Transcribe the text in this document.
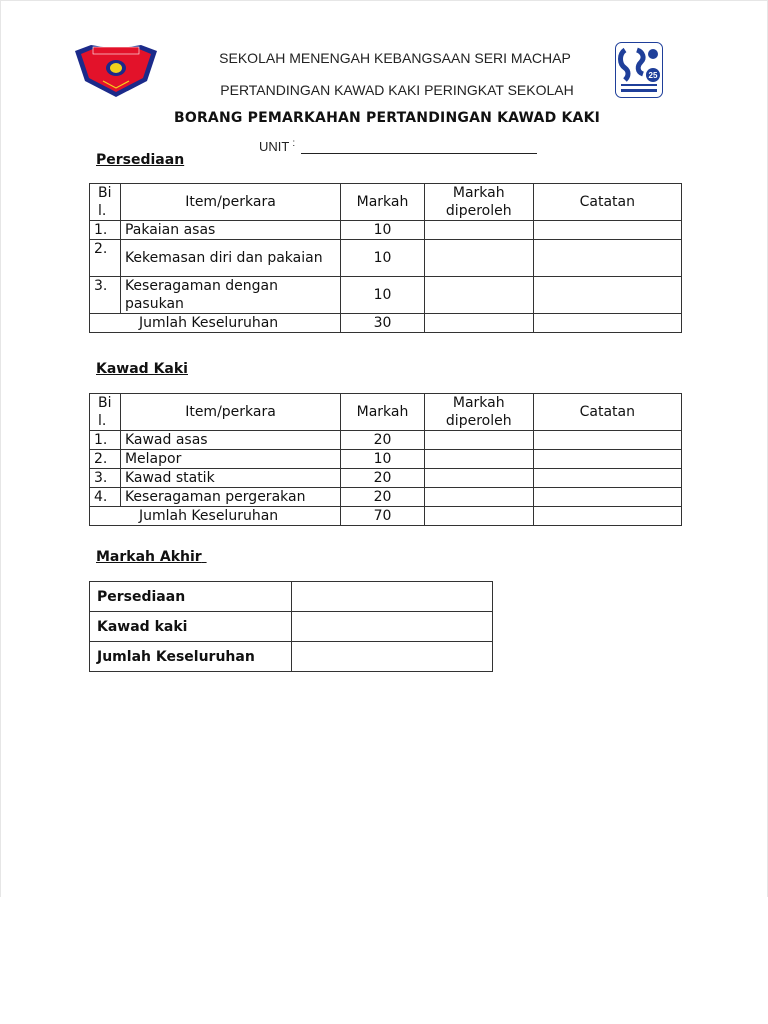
25
SEKOLAH MENENGAH KEBANGSAAN SERI MACHAP
PERTANDINGAN KAWAD KAKI PERINGKAT SEKOLAH
BORANG PEMARKAHAN PERTANDINGAN KAWAD KAKI
UNIT :
Persediaan
Bi l.	Item/perkara	Markah	Markah diperoleh	Catatan
1.	Pakaian asas	10		
2.	Kekemasan diri dan pakaian	10		
3.	Keseragaman dengan pasukan	10		
Jumlah Keseluruhan		30		
Kawad Kaki
Bi l.	Item/perkara	Markah	Markah diperoleh	Catatan
1.	Kawad asas	20		
2.	Melapor	10		
3.	Kawad statik	20		
4.	Keseragaman pergerakan	20		
Jumlah Keseluruhan		70		
Markah Akhir
Persediaan	
Kawad kaki	
Jumlah Keseluruhan	
